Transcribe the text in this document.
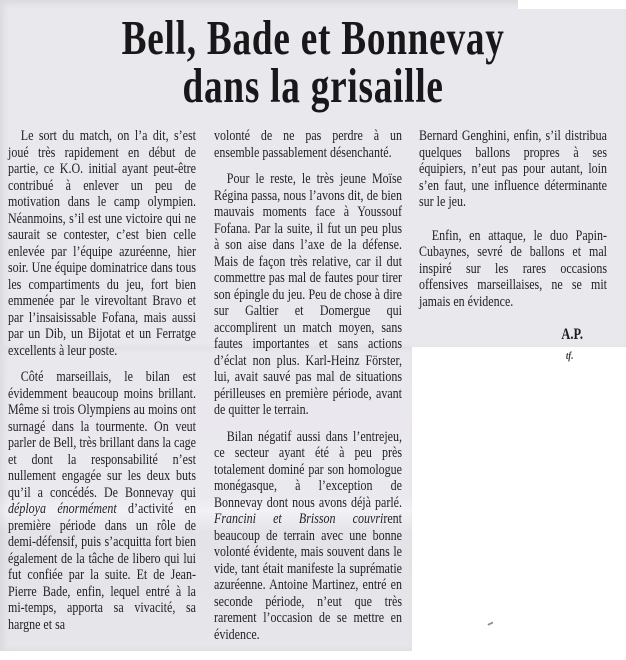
Bell, Bade et Bonnevay
dans la grisaille

Le sort du match, on l’a dit, s’est joué très rapidement en début de partie, ce K.O. initial ayant peut-être contribué à enlever un peu de motivation dans le camp olympien. Néanmoins, s’il est une victoire qui ne saurait se contester, c’est bien celle enlevée par l’équipe azuréenne, hier soir. Une équipe dominatrice dans tous les compartiments du jeu, fort bien emmenée par le virevoltant Bravo et par l’insaisissable Fofana, mais aussi par un Dib, un Bijotat et un Ferratge excellents à leur poste.

Côté marseillais, le bilan est évidemment beaucoup moins brillant. Même si trois Olympiens au moins ont surnagé dans la tourmente. On veut parler de Bell, très brillant dans la cage et dont la responsabilité n’est nullement engagée sur les deux buts qu’il a concédés. De Bonnevay qui déploya énormément d’activité en première période dans un rôle de demi-défensif, puis s’acquitta fort bien également de la tâche de libero qui lui fut confiée par la suite. Et de Jean-Pierre Bade, enfin, lequel entré à la mi-temps, apporta sa vivacité, sa hargne et sa

volonté de ne pas perdre à un ensemble passablement désenchanté.

Pour le reste, le très jeune Moïse Régina passa, nous l’avons dit, de bien mauvais moments face à Youssouf Fofana. Par la suite, il fut un peu plus à son aise dans l’axe de la défense. Mais de façon très relative, car il dut commettre pas mal de fautes pour tirer son épingle du jeu. Peu de chose à dire sur Galtier et Domergue qui accomplirent un match moyen, sans fautes importantes et sans actions d’éclat non plus. Karl-Heinz Förster, lui, avait sauvé pas mal de situations périlleuses en première période, avant de quitter le terrain.

Bilan négatif aussi dans l’entrejeu, ce secteur ayant été à peu près totalement dominé par son homologue monégasque, à l’exception de Bonnevay dont nous avons déjà parlé. Francini et Brisson couvrirent beaucoup de terrain avec une bonne volonté évidente, mais souvent dans le vide, tant était manifeste la suprématie azuréenne. Antoine Martinez, entré en seconde période, n’eut que très rarement l’occasion de se mettre en évidence.

Bernard Genghini, enfin, s’il distribua quelques ballons propres à ses équipiers, n’eut pas pour autant, loin s’en faut, une influence déterminante sur le jeu.

Enfin, en attaque, le duo Papin-Cubaynes, sevré de ballons et mal inspiré sur les rares occasions offensives marseillaises, ne se mit jamais en évidence.

A.P.
tf.
